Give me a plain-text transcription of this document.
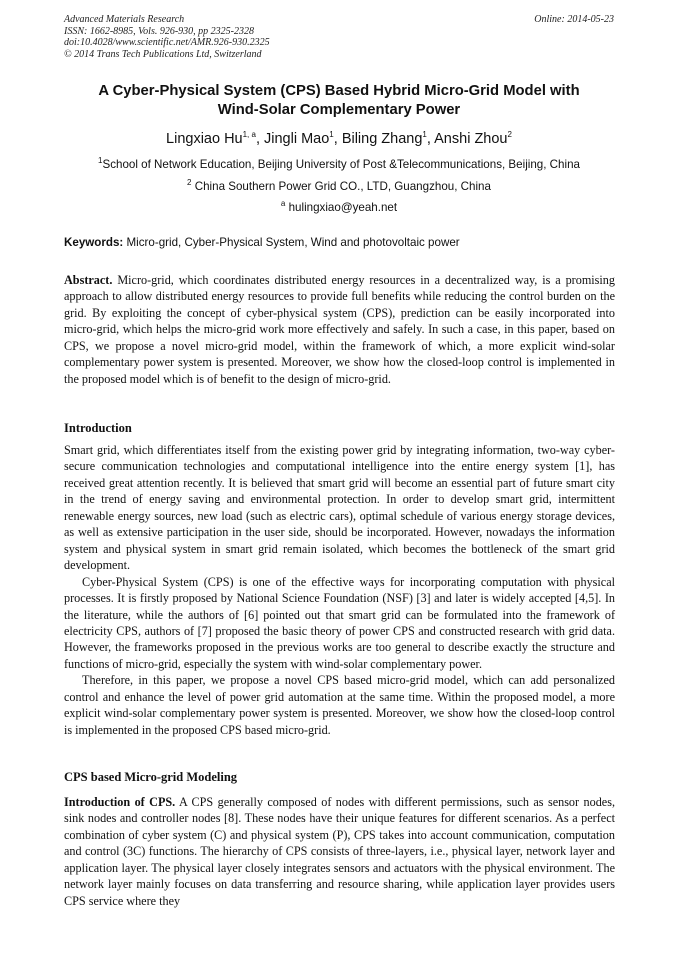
Advanced Materials Research
ISSN: 1662-8985, Vols. 926-930, pp 2325-2328
doi:10.4028/www.scientific.net/AMR.926-930.2325
© 2014 Trans Tech Publications Ltd, Switzerland
Online: 2014-05-23
A Cyber-Physical System (CPS) Based Hybrid Micro-Grid Model with
Wind-Solar Complementary Power
Lingxiao Hu$^{1, a}$, Jingli Mao$^1$, Biling Zhang$^1$, Anshi Zhou$^2$
$^1$School of Network Education, Beijing University of Post &Telecommunications, Beijing, China
$^2$ China Southern Power Grid CO., LTD, Guangzhou, China
$^a$ hulingxiao@yeah.net
Keywords: Micro-grid, Cyber-Physical System, Wind and photovoltaic power

Abstract. Micro-grid, which coordinates distributed energy resources in a decentralized way, is a promising approach to allow distributed energy resources to provide full benefits while reducing the control burden on the grid. By exploiting the concept of cyber-physical system (CPS), prediction can be easily incorporated into micro-grid, which helps the micro-grid work more effectively and safely. In such a case, in this paper, based on CPS, we propose a novel micro-grid model, within the framework of which, a more explicit wind-solar complementary power system is presented. Moreover, we show how the closed-loop control is implemented in the proposed model which is of benefit to the design of micro-grid.

Introduction

Smart grid, which differentiates itself from the existing power grid by integrating information, two-way cyber-secure communication technologies and computational intelligence into the entire energy system [1], has received great attention recently. It is believed that smart grid will become an essential part of future smart city in the trend of energy saving and environmental protection. In order to develop smart grid, intermittent renewable energy sources, new load (such as electric cars), optimal schedule of various energy storage devices, as well as extensive participation in the user side, should be incorporated. However, nowadays the information system and physical system in smart grid remain isolated, which becomes the bottleneck of the smart grid development.

Cyber-Physical System (CPS) is one of the effective ways for incorporating computation with physical processes. It is firstly proposed by National Science Foundation (NSF) [3] and later is widely accepted [4,5]. In the literature, while the authors of [6] pointed out that smart grid can be formulated into the framework of electricity CPS, authors of [7] proposed the basic theory of power CPS and constructed research with grid data. However, the frameworks proposed in the previous works are too general to describe exactly the structure and functions of micro-grid, especially the system with wind-solar complementary power.

Therefore, in this paper, we propose a novel CPS based micro-grid model, which can add personalized control and enhance the level of power grid automation at the same time. Within the proposed model, a more explicit wind-solar complementary power system is presented. Moreover, we show how the closed-loop control is implemented in the proposed CPS based micro-grid.

CPS based Micro-grid Modeling

Introduction of CPS. A CPS generally composed of nodes with different permissions, such as sensor nodes, sink nodes and controller nodes [8]. These nodes have their unique features for different scenarios. As a perfect combination of cyber system (C) and physical system (P), CPS takes into account communication, computation and control (3C) functions. The hierarchy of CPS consists of three-layers, i.e., physical layer, network layer and application layer. The physical layer closely integrates sensors and actuators with the physical environment. The network layer mainly focuses on data transferring and resource sharing, while application layer provides users CPS service where they
